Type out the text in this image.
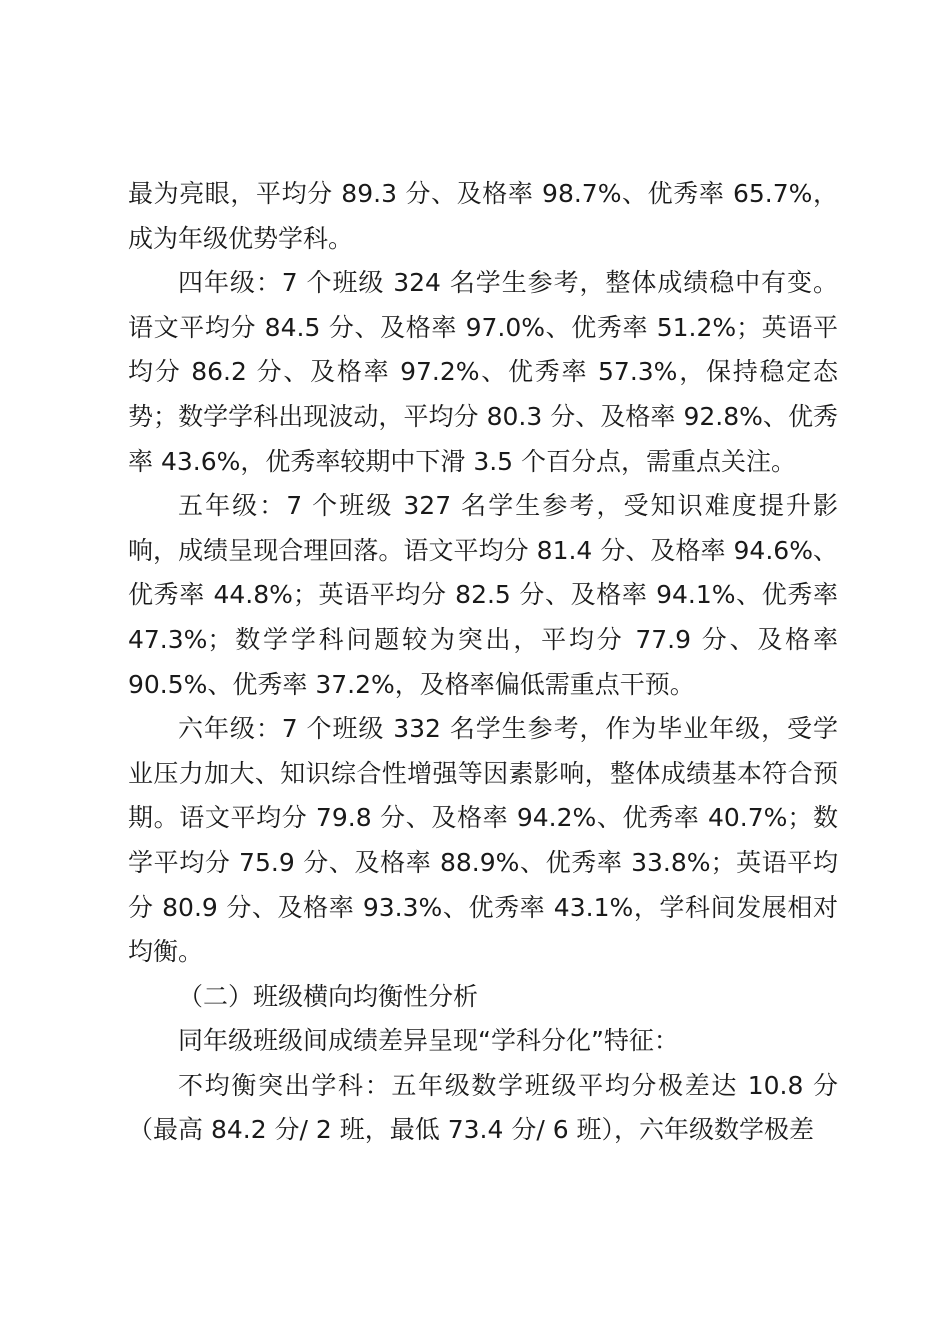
最为亮眼，平均分 89.3 分、及格率 98.7%、优秀率 65.7%，成为年级优势学科。

四年级：7 个班级 324 名学生参考，整体成绩稳中有变。语文平均分 84.5 分、及格率 97.0%、优秀率 51.2%；英语平均分 86.2 分、及格率 97.2%、优秀率 57.3%，保持稳定态势；数学学科出现波动，平均分 80.3 分、及格率 92.8%、优秀率 43.6%，优秀率较期中下滑 3.5 个百分点，需重点关注。

五年级：7 个班级 327 名学生参考，受知识难度提升影响，成绩呈现合理回落。语文平均分 81.4 分、及格率 94.6%、优秀率 44.8%；英语平均分 82.5 分、及格率 94.1%、优秀率 47.3%；数学学科问题较为突出，平均分 77.9 分、及格率 90.5%、优秀率 37.2%，及格率偏低需重点干预。

六年级：7 个班级 332 名学生参考，作为毕业年级，受学业压力加大、知识综合性增强等因素影响，整体成绩基本符合预期。语文平均分 79.8 分、及格率 94.2%、优秀率 40.7%；数学平均分 75.9 分、及格率 88.9%、优秀率 33.8%；英语平均分 80.9 分、及格率 93.3%、优秀率 43.1%，学科间发展相对均衡。

（二）班级横向均衡性分析

同年级班级间成绩差异呈现“学科分化”特征：

不均衡突出学科：五年级数学班级平均分极差达 10.8 分（最高 84.2 分/ 2 班，最低 73.4 分/ 6 班），六年级数学极差
